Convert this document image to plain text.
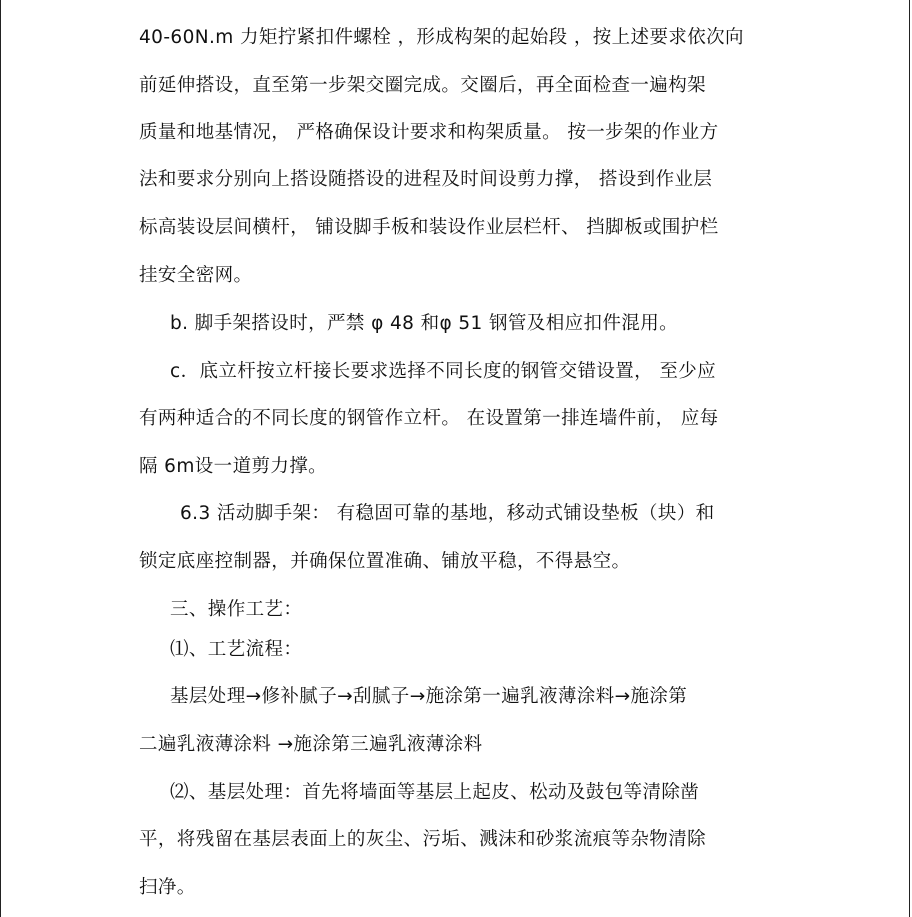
40-60N.m 力矩拧紧扣件螺栓 ，形成构架的起始段 ，按上述要求依次向
前延伸搭设，直至第一步架交圈完成。交圈后，再全面检查一遍构架
质量和地基情况， 严格确保设计要求和构架质量。 按一步架的作业方
法和要求分别向上搭设随搭设的进程及时间设剪力撑， 搭设到作业层
标高装设层间横杆， 铺设脚手板和装设作业层栏杆、 挡脚板或围护栏
挂安全密网。
b. 脚手架搭设时，严禁 φ 48 和φ 51 钢管及相应扣件混用。
c．底立杆按立杆接长要求选择不同长度的钢管交错设置， 至少应
有两种适合的不同长度的钢管作立杆。 在设置第一排连墙件前， 应每
隔 6m设一道剪力撑。
6.3 活动脚手架： 有稳固可靠的基地，移动式铺设垫板（块）和
锁定底座控制器，并确保位置准确、铺放平稳，不得悬空。
三、操作工艺：
⑴、工艺流程：
基层处理→修补腻子→刮腻子→施涂第一遍乳液薄涂料→施涂第
二遍乳液薄涂料 →施涂第三遍乳液薄涂料
⑵、基层处理：首先将墙面等基层上起皮、松动及鼓包等清除凿
平，将残留在基层表面上的灰尘、污垢、溅沫和砂浆流痕等杂物清除
扫净。
